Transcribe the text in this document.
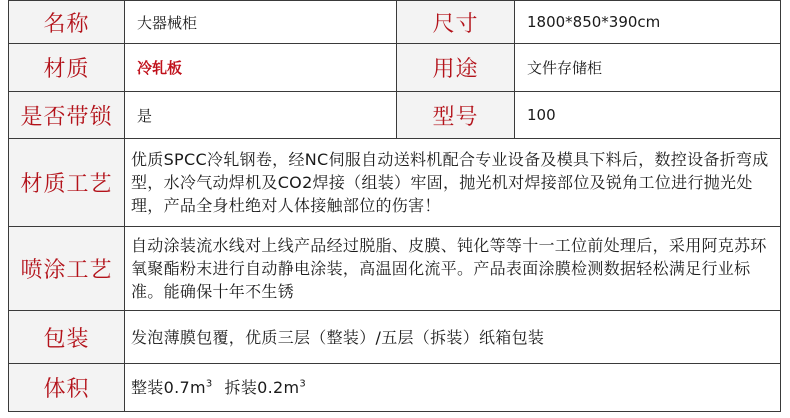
名称	大器械柜	尺寸	1800*850*390cm
材质	冷轧板	用途	文件存储柜
是否带锁	是	型号	100
材质工艺	优质SPCC冷轧钢卷，经NC伺服自动送料机配合专业设备及模具下料后，数控设备折弯成型，水冷气动焊机及CO2焊接（组装）牢固，抛光机对焊接部位及锐角工位进行抛光处理，产品全身杜绝对人体接触部位的伤害！		
喷涂工艺	自动涂装流水线对上线产品经过脱脂、皮膜、钝化等等十一工位前处理后，采用阿克苏环氧聚酯粉末进行自动静电涂装，高温固化流平。产品表面涂膜检测数据轻松满足行业标准。能确保十年不生锈		
包装	发泡薄膜包覆，优质三层（整装）/五层（拆装）纸箱包装		
体积	整装$0.7m^3$ 拆装$0.2m^3$
